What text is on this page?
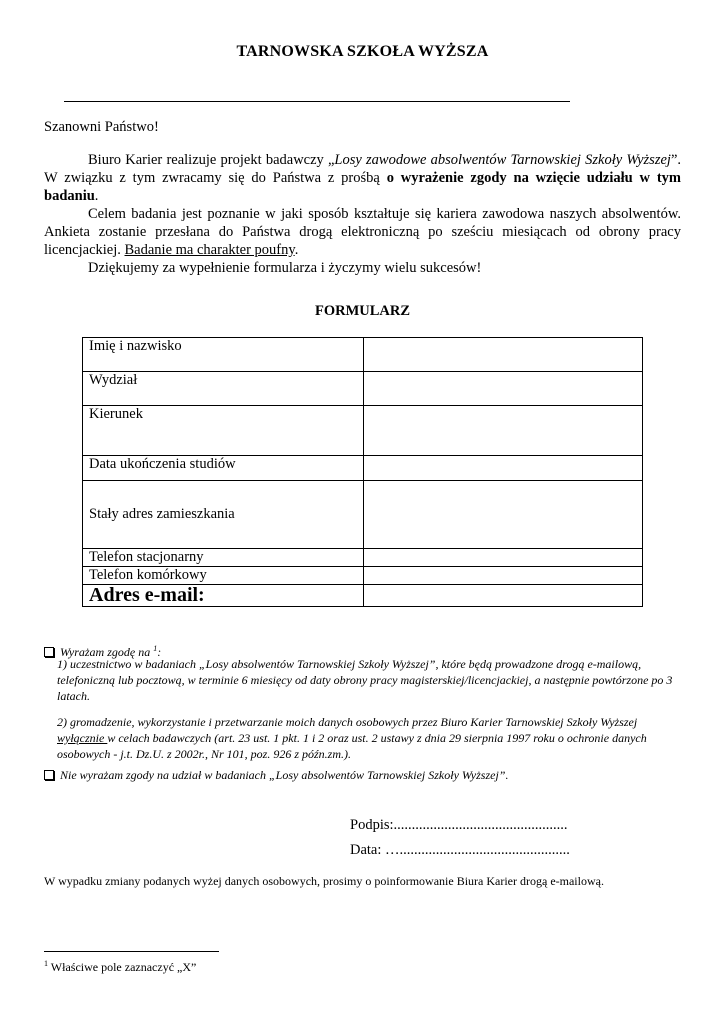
TARNOWSKA SZKOŁA WYŻSZA
Szanowni Państwo!

Biuro Karier realizuje projekt badawczy „Losy zawodowe absolwentów Tarnowskiej Szkoły Wyższej”. W związku z tym zwracamy się do Państwa z prośbą o wyrażenie zgody na wzięcie udziału w tym badaniu.

Celem badania jest poznanie w jaki sposób kształtuje się kariera zawodowa naszych absolwentów. Ankieta zostanie przesłana do Państwa drogą elektroniczną po sześciu miesiącach od obrony pracy licencjackiej. Badanie ma charakter poufny.

Dziękujemy za wypełnienie formularza i życzymy wielu sukcesów!

FORMULARZ
Imię i nazwisko	
Wydział	
Kierunek	
Data ukończenia studiów	
Stały adres zamieszkania	
Telefon stacjonarny	
Telefon komórkowy	
Adres e-mail:	
Wyrażam zgodę na $^1$:
1) uczestnictwo w badaniach „Losy absolwentów Tarnowskiej Szkoły Wyższej”, które będą prowadzone drogą e-mailową, telefoniczną lub pocztową, w terminie 6 miesięcy od daty obrony pracy magisterskiej/licencjackiej, a następnie powtórzone po 3 latach.
2) gromadzenie, wykorzystanie i przetwarzanie moich danych osobowych przez Biuro Karier Tarnowskiej Szkoły Wyższej wyłącznie w celach badawczych (art. 23 ust. 1 pkt. 1 i 2 oraz ust. 2 ustawy z dnia 29 sierpnia 1997 roku o ochronie danych osobowych - j.t. Dz.U. z 2002r., Nr 101, poz. 926 z późn.zm.).
Nie wyrażam zgody na udział w badaniach „Losy absolwentów Tarnowskiej Szkoły Wyższej”.
Podpis:................................................
Data: …...............................................
W wypadku zmiany podanych wyżej danych osobowych, prosimy o poinformowanie Biura Karier drogą e-mailową.
$^1$ Właściwe pole zaznaczyć „X”
